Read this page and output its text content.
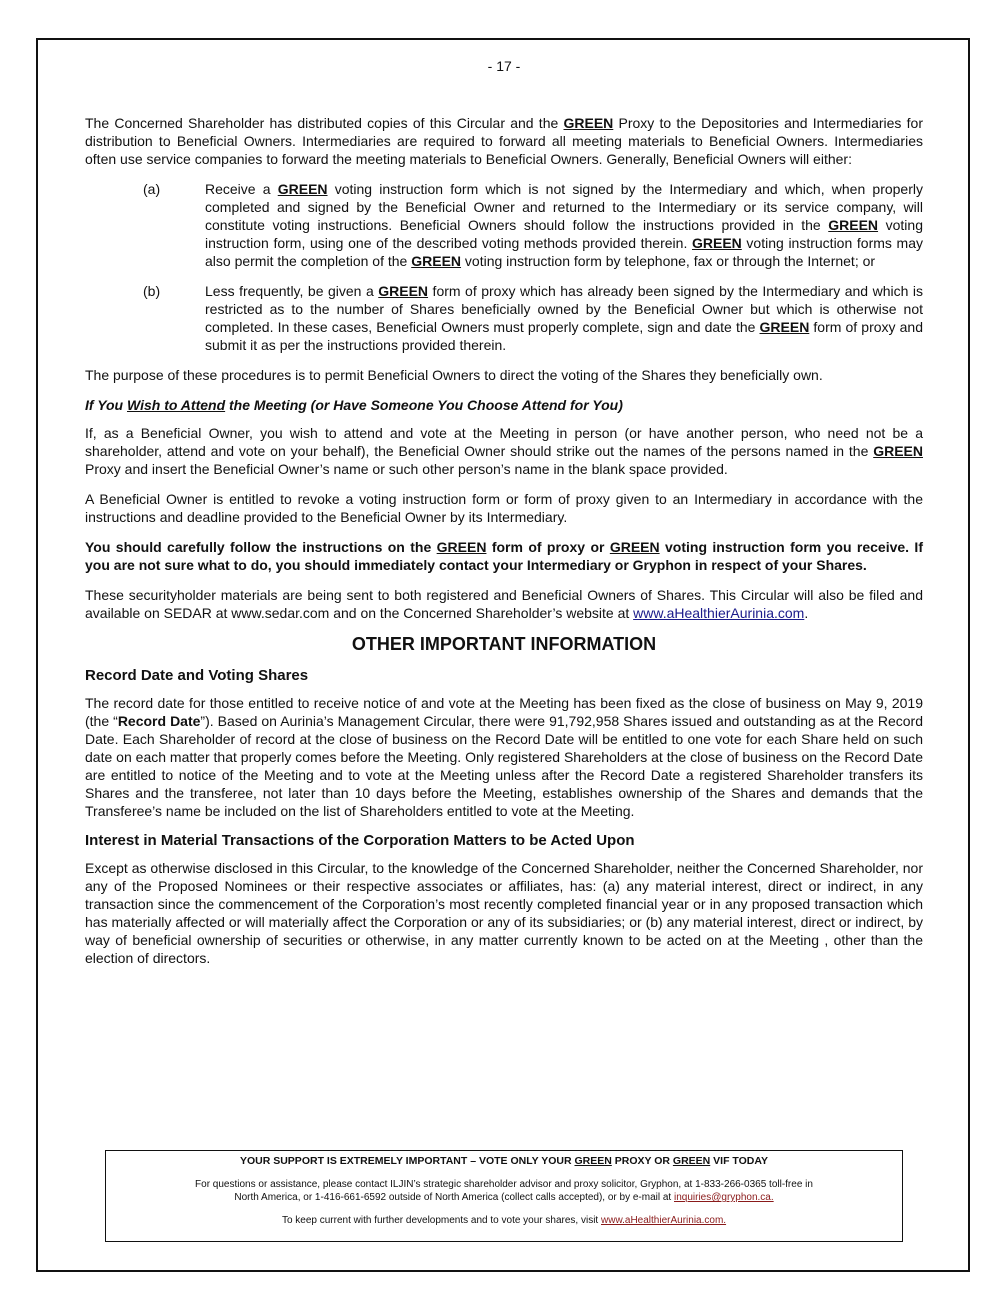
- 17 -

The Concerned Shareholder has distributed copies of this Circular and the GREEN Proxy to the Depositories and Intermediaries for distribution to Beneficial Owners. Intermediaries are required to forward all meeting materials to Beneficial Owners. Intermediaries often use service companies to forward the meeting materials to Beneficial Owners. Generally, Beneficial Owners will either:

(a)	Receive a GREEN voting instruction form which is not signed by the Intermediary and which, when properly completed and signed by the Beneficial Owner and returned to the Intermediary or its service company, will constitute voting instructions. Beneficial Owners should follow the instructions provided in the GREEN voting instruction form, using one of the described voting methods provided therein. GREEN voting instruction forms may also permit the completion of the GREEN voting instruction form by telephone, fax or through the Internet; or
(b)	Less frequently, be given a GREEN form of proxy which has already been signed by the Intermediary and which is restricted as to the number of Shares beneficially owned by the Beneficial Owner but which is otherwise not completed. In these cases, Beneficial Owners must properly complete, sign and date the GREEN form of proxy and submit it as per the instructions provided therein.

The purpose of these procedures is to permit Beneficial Owners to direct the voting of the Shares they beneficially own.

If You Wish to Attend the Meeting (or Have Someone You Choose Attend for You)

If, as a Beneficial Owner, you wish to attend and vote at the Meeting in person (or have another person, who need not be a shareholder, attend and vote on your behalf), the Beneficial Owner should strike out the names of the persons named in the GREEN Proxy and insert the Beneficial Owner’s name or such other person’s name in the blank space provided.

A Beneficial Owner is entitled to revoke a voting instruction form or form of proxy given to an Intermediary in accordance with the instructions and deadline provided to the Beneficial Owner by its Intermediary.

You should carefully follow the instructions on the GREEN form of proxy or GREEN voting instruction form you receive. If you are not sure what to do, you should immediately contact your Intermediary or Gryphon in respect of your Shares.

These securityholder materials are being sent to both registered and Beneficial Owners of Shares. This Circular will also be filed and available on SEDAR at www.sedar.com and on the Concerned Shareholder’s website at www.aHealthierAurinia.com.

OTHER IMPORTANT INFORMATION
Record Date and Voting Shares

The record date for those entitled to receive notice of and vote at the Meeting has been fixed as the close of business on May 9, 2019 (the “Record Date”). Based on Aurinia’s Management Circular, there were 91,792,958 Shares issued and outstanding as at the Record Date. Each Shareholder of record at the close of business on the Record Date will be entitled to one vote for each Share held on such date on each matter that properly comes before the Meeting. Only registered Shareholders at the close of business on the Record Date are entitled to notice of the Meeting and to vote at the Meeting unless after the Record Date a registered Shareholder transfers its Shares and the transferee, not later than 10 days before the Meeting, establishes ownership of the Shares and demands that the Transferee’s name be included on the list of Shareholders entitled to vote at the Meeting.

Interest in Material Transactions of the Corporation Matters to be Acted Upon

Except as otherwise disclosed in this Circular, to the knowledge of the Concerned Shareholder, neither the Concerned Shareholder, nor any of the Proposed Nominees or their respective associates or affiliates, has: (a) any material interest, direct or indirect, in any transaction since the commencement of the Corporation’s most recently completed financial year or in any proposed transaction which has materially affected or will materially affect the Corporation or any of its subsidiaries; or (b) any material interest, direct or indirect, by way of beneficial ownership of securities or otherwise, in any matter currently known to be acted on at the Meeting , other than the election of directors.

YOUR SUPPORT IS EXTREMELY IMPORTANT – VOTE ONLY YOUR GREEN PROXY OR GREEN VIF TODAY

For questions or assistance, please contact ILJIN’s strategic shareholder advisor and proxy solicitor, Gryphon, at 1-833-266-0365 toll-free in

North America, or 1-416-661-6592 outside of North America (collect calls accepted), or by e-mail at inquiries@gryphon.ca.

To keep current with further developments and to vote your shares, visit www.aHealthierAurinia.com.
